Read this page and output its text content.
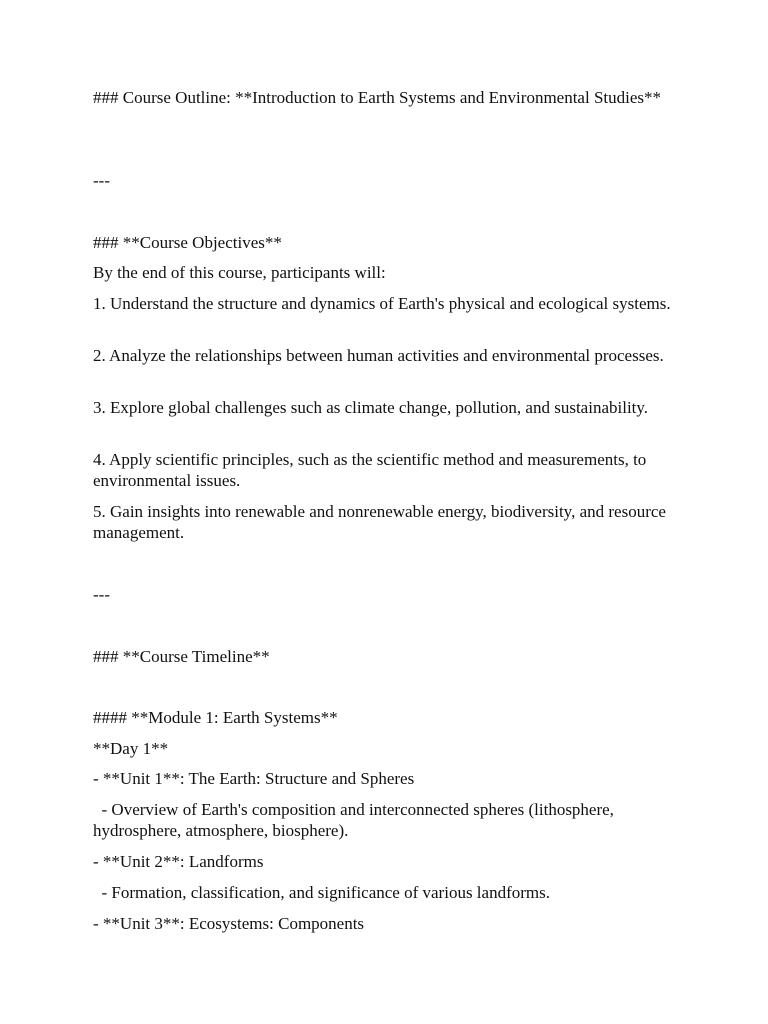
### Course Outline: **Introduction to Earth Systems and Environmental Studies**

---

### **Course Objectives**

By the end of this course, participants will:

1. Understand the structure and dynamics of Earth's physical and ecological systems.

2. Analyze the relationships between human activities and environmental processes.

3. Explore global challenges such as climate change, pollution, and sustainability.

4. Apply scientific principles, such as the scientific method and measurements, to environmental issues.

5. Gain insights into renewable and nonrenewable energy, biodiversity, and resource management.

---

### **Course Timeline**

#### **Module 1: Earth Systems**

**Day 1**

- **Unit 1**: The Earth: Structure and Spheres

- Overview of Earth's composition and interconnected spheres (lithosphere, hydrosphere, atmosphere, biosphere).

- **Unit 2**: Landforms

- Formation, classification, and significance of various landforms.

- **Unit 3**: Ecosystems: Components
